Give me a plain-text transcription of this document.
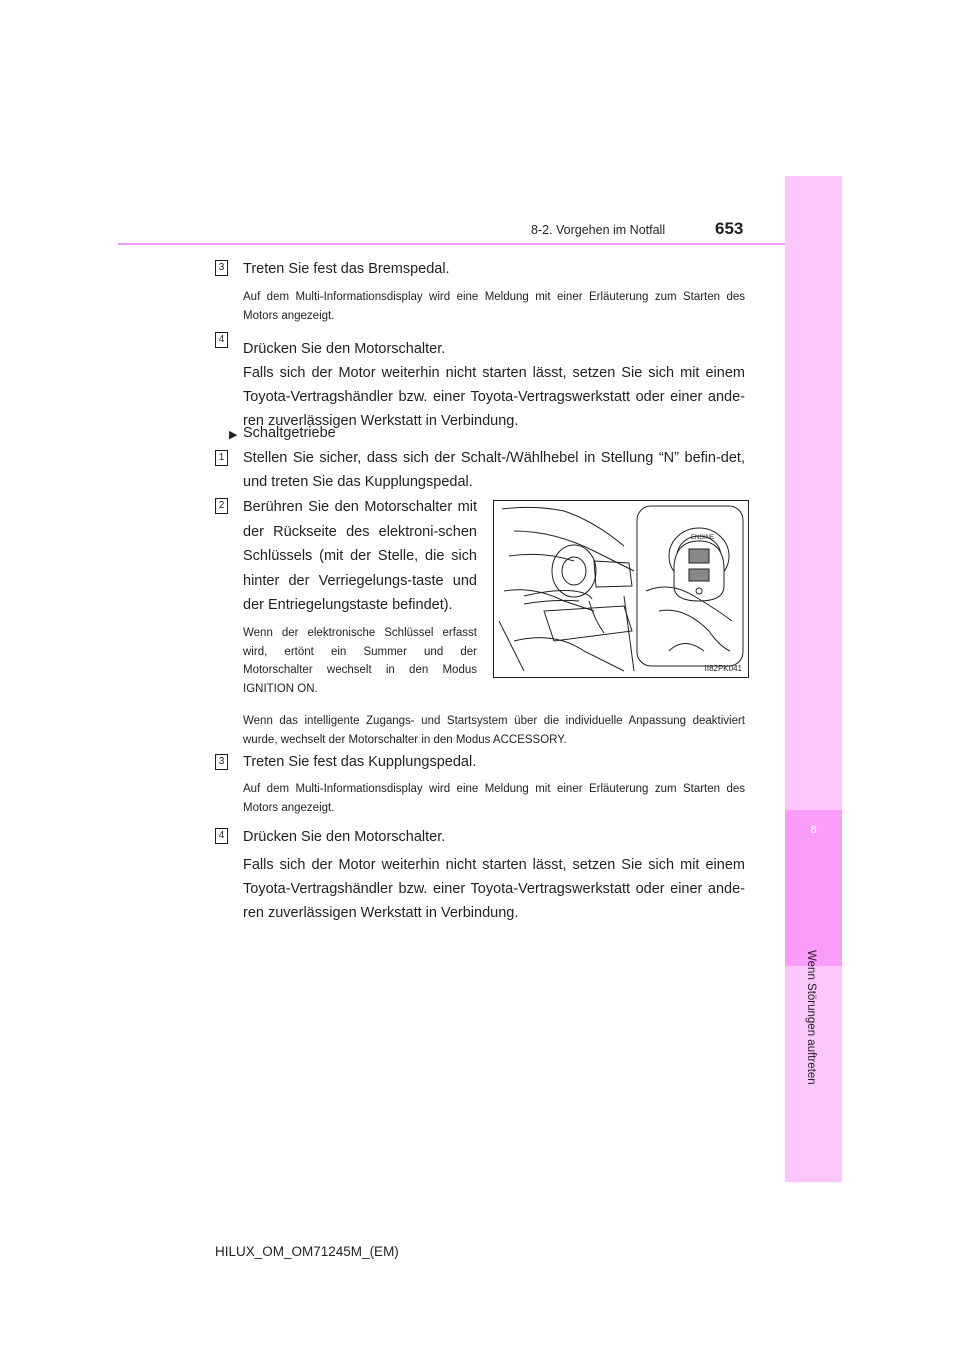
8
Wenn Störungen auftreten
8-2. Vorgehen im Notfall	653
3 Treten Sie fest das Bremspedal.
Auf dem Multi-Informationsdisplay wird eine Meldung mit einer Erläuterung zum Starten des Motors angezeigt.
4
Drücken Sie den Motorschalter.
Falls sich der Motor weiterhin nicht starten lässt, setzen Sie sich mit einem Toyota-Vertragshändler bzw. einer Toyota-Vertragswerkstatt oder einer ande-ren zuverlässigen Werkstatt in Verbindung.
▶ Schaltgetriebe
1 Stellen Sie sicher, dass sich der Schalt-/Wählhebel in Stellung “N” befin-det, und treten Sie das Kupplungspedal.
2 Berühren Sie den Motorschalter mit der Rückseite des elektroni-schen Schlüssels (mit der Stelle, die sich hinter der Verriegelungs-taste und der Entriegelungstaste befindet).
Wenn der elektronische Schlüssel erfasst wird, ertönt ein Summer und der Motorschalter wechselt in den Modus IGNITION ON.
Wenn das intelligente Zugangs- und Startsystem über die individuelle Anpassung deaktiviert wurde, wechselt der Motorschalter in den Modus ACCESSORY.
ENGINE
II82PK041
3 Treten Sie fest das Kupplungspedal.
Auf dem Multi-Informationsdisplay wird eine Meldung mit einer Erläuterung zum Starten des Motors angezeigt.
4 Drücken Sie den Motorschalter.
Falls sich der Motor weiterhin nicht starten lässt, setzen Sie sich mit einem Toyota-Vertragshändler bzw. einer Toyota-Vertragswerkstatt oder einer ande-ren zuverlässigen Werkstatt in Verbindung.
HILUX_OM_OM71245M_(EM)
